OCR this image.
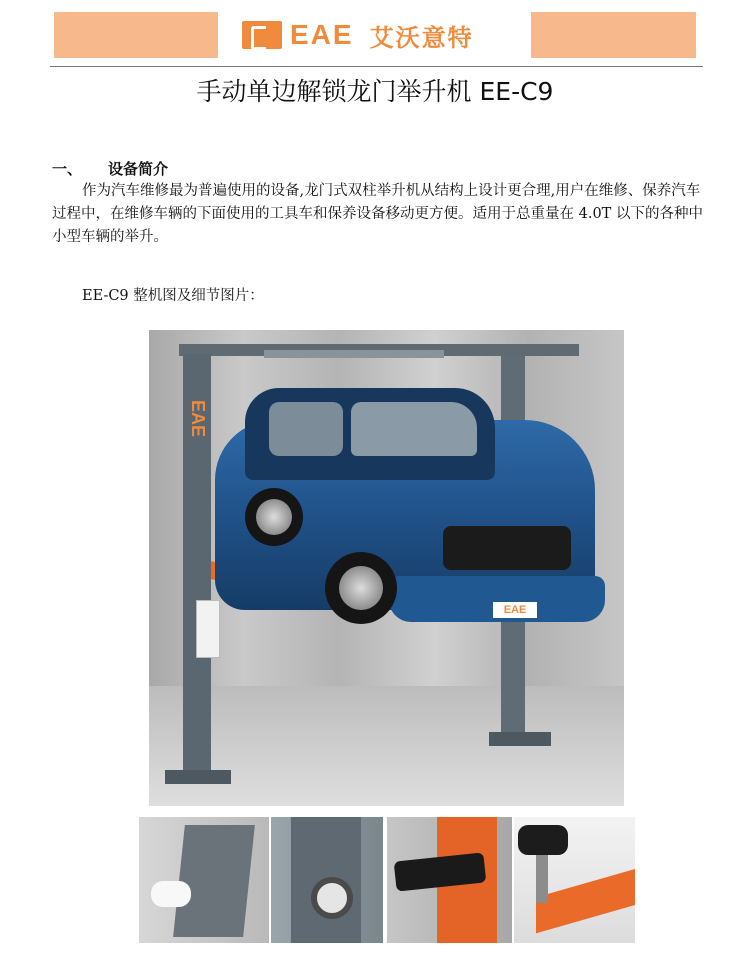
EAE 艾沃意特
手动单边解锁龙门举升机 EE-C9
一、 设备简介
作为汽车维修最为普遍使用的设备,龙门式双柱举升机从结构上设计更合理,用户在维修、保养汽车过程中，在维修车辆的下面使用的工具车和保养设备移动更方便。适用于总重量在 4.0T 以下的各种中小型车辆的举升。
EE-C9 整机图及细节图片：
EAE
EAE
